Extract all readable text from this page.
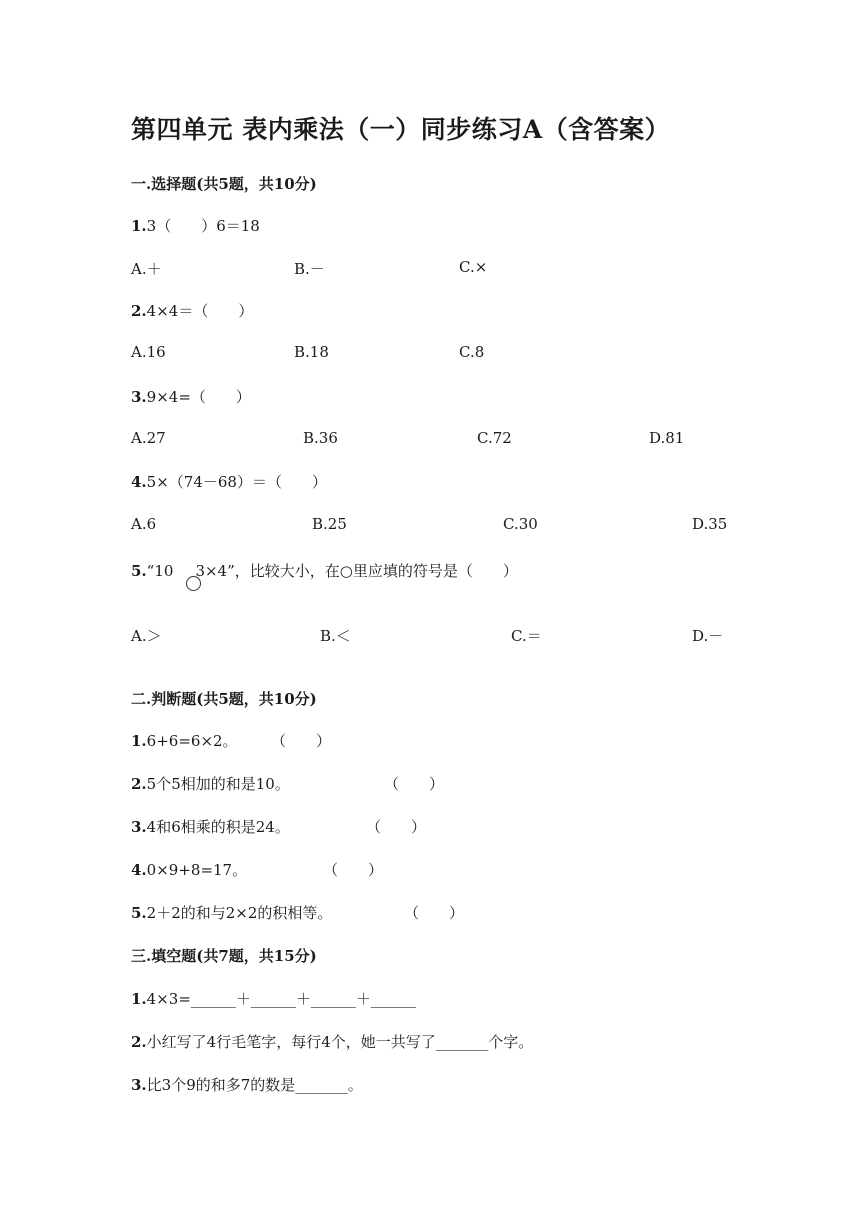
第四单元 表内乘法（一）同步练习A（含答案）
一.选择题(共5题，共10分)
1.3（　　）6＝18
A.＋	B.－	C.×
2.4×4＝（　　）
A.16	B.18	C.8
3.9×4=（　　）
A.27	B.36	C.72	D.81
4.5×（74－68）＝（　　）
A.6	B.25	C.30	D.35
5.“10 3×4”，比较大小，在○里应填的符号是（　　）
A.＞	B.＜	C.＝	D.－
二.判断题(共5题，共10分)
1.6+6=6×2。 （　　）
2.5个5相加的和是10。	（　　）
3.4和6相乘的积是24。	（　　）
4.0×9+8=17。	（　　）
5.2＋2的和与2×2的积相等。	（　　）
三.填空题(共7题，共15分)
1.4×3=______＋______＋______＋______
2.小红写了4行毛笔字，每行4个，她一共写了_______个字。
3.比3个9的和多7的数是_______。
